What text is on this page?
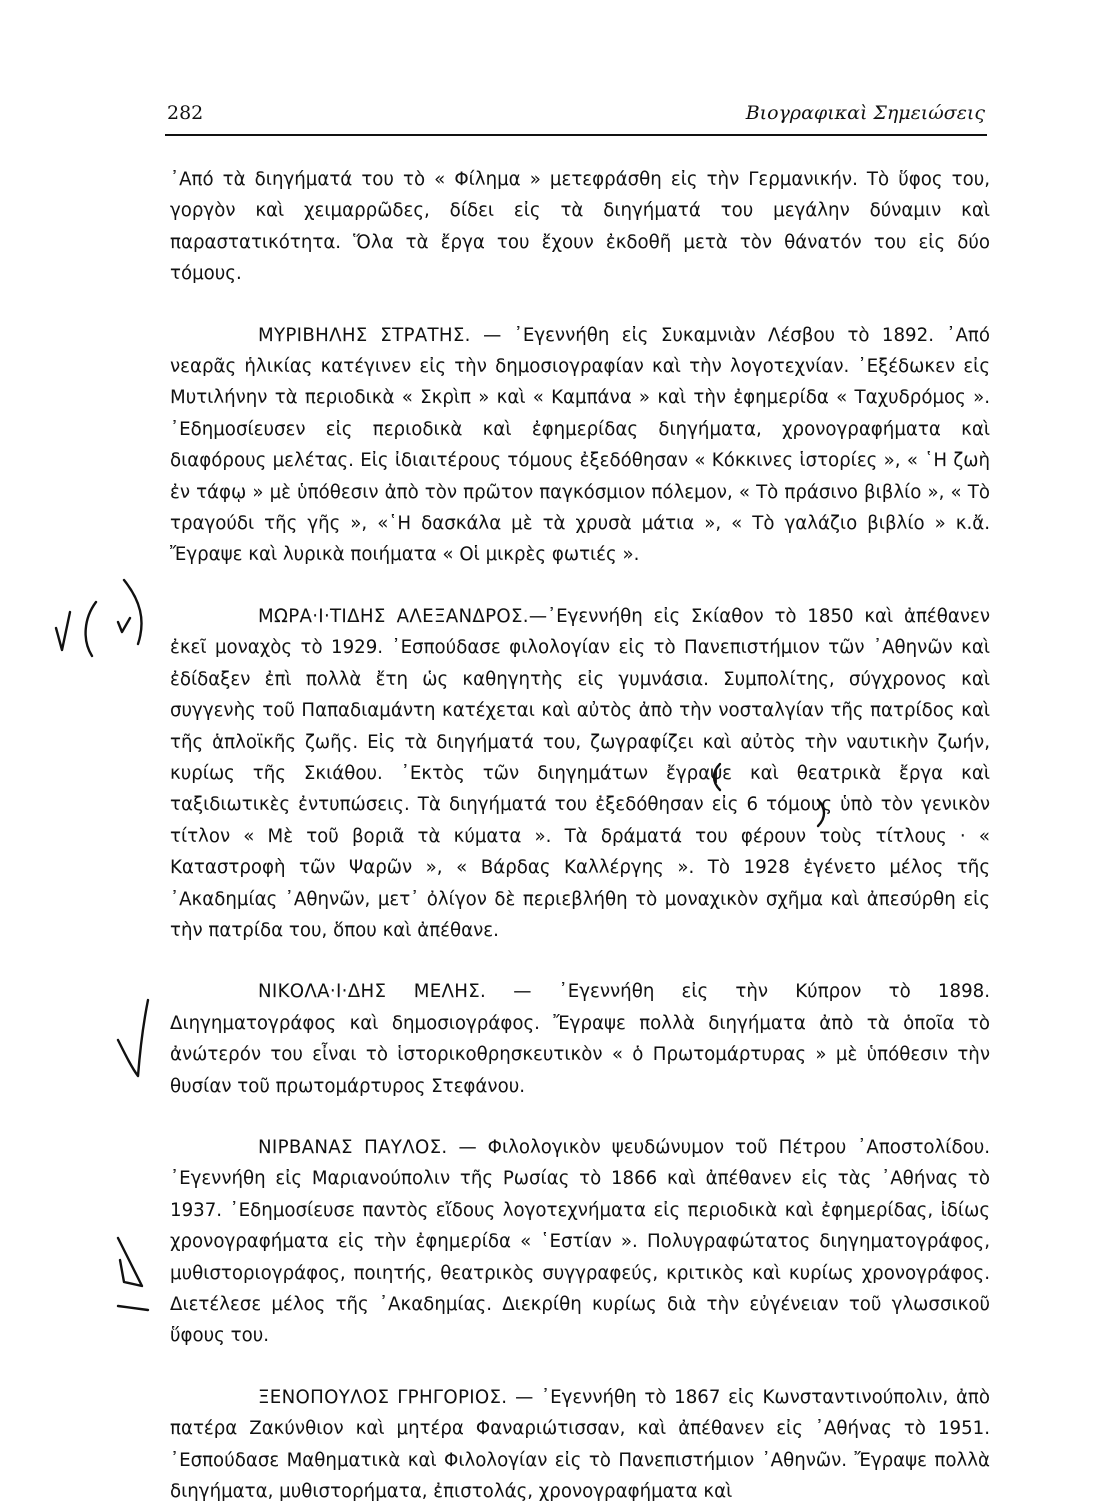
282	Βιογραφικαὶ Σημειώσεις

᾿Από τὰ διηγήματά του τὸ « Φίλημα » μετεφράσθη εἰς τὴν Γερμανικήν. Τὸ ὕφος του, γοργὸν καὶ χειμαρρῶδες, δίδει εἰς τὰ διηγήματά του μεγάλην δύναμιν καὶ παραστατικότητα. Ὅλα τὰ ἔργα του ἔχουν ἐκδοθῆ μετὰ τὸν θάνατόν του εἰς δύο τόμους.

ΜΥΡΙΒΗΛΗΣ ΣΤΡΑΤΗΣ. — ᾿Εγεννήθη εἰς Συκαμνιὰν Λέσβου τὸ 1892. ᾿Από νεαρᾶς ἡλικίας κατέγινεν εἰς τὴν δημοσιογραφίαν καὶ τὴν λογοτεχνίαν. ᾿Εξέδωκεν εἰς Μυτιλήνην τὰ περιοδικὰ « Σκρὶπ » καὶ « Καμπάνα » καὶ τὴν ἐφημερίδα « Ταχυδρόμος ». ᾿Εδημοσίευσεν εἰς περιοδικὰ καὶ ἐφημερίδας διηγήματα, χρονογραφήματα καὶ διαφόρους μελέτας. Εἰς ἰδιαιτέρους τόμους ἐξεδόθησαν « Κόκκινες ἱστορίες », « ῾Η ζωὴ ἐν τάφῳ » μὲ ὑπόθεσιν ἀπὸ τὸν πρῶτον παγκόσμιον πόλεμον, « Τὸ πράσινο βιβλίο », « Τὸ τραγούδι τῆς γῆς », «῾Η δασκάλα μὲ τὰ χρυσὰ μάτια », « Τὸ γαλάζιο βιβλίο » κ.ἄ. Ἔγραψε καὶ λυρικὰ ποιήματα « Οἱ μικρὲς φωτιές ».

ΜΩΡΑ·Ι·ΤΙΔΗΣ ΑΛΕΞΑΝΔΡΟΣ.—᾿Εγεννήθη εἰς Σκίαθον τὸ 1850 καὶ ἀπέθανεν ἐκεῖ μοναχὸς τὸ 1929. ᾿Εσπούδασε φιλολογίαν εἰς τὸ Πανεπιστήμιον τῶν ᾿Αθηνῶν καὶ ἐδίδαξεν ἐπὶ πολλὰ ἔτη ὡς καθηγητὴς εἰς γυμνάσια. Συμπολίτης, σύγχρονος καὶ συγγενὴς τοῦ Παπαδιαμάντη κατέχεται καὶ αὐτὸς ἀπὸ τὴν νοσταλγίαν τῆς πατρίδος καὶ τῆς ἁπλοϊκῆς ζωῆς. Εἰς τὰ διηγήματά του, ζωγραφίζει καὶ αὐτὸς τὴν ναυτικὴν ζωήν, κυρίως τῆς Σκιάθου. ᾿Εκτὸς τῶν διηγημάτων ἔγραψε καὶ θεατρικὰ ἔργα καὶ ταξιδιωτικὲς ἐντυπώσεις. Τὰ διηγήματά του ἐξεδόθησαν εἰς 6 τόμους ὑπὸ τὸν γενικὸν τίτλον « Μὲ τοῦ βοριᾶ τὰ κύματα ». Τὰ δράματά του φέρουν τοὺς τίτλους · « Καταστροφὴ τῶν Ψαρῶν », « Βάρδας Καλλέργης ». Τὸ 1928 ἐγένετο μέλος τῆς ᾿Ακαδημίας ᾿Αθηνῶν, μετ᾿ ὀλίγον δὲ περιεβλήθη τὸ μοναχικὸν σχῆμα καὶ ἀπεσύρθη εἰς τὴν πατρίδα του, ὅπου καὶ ἀπέθανε.

ΝΙΚΟΛΑ·Ι·ΔΗΣ ΜΕΛΗΣ. — ᾿Εγεννήθη εἰς τὴν Κύπρον τὸ 1898. Διηγηματογράφος καὶ δημοσιογράφος. Ἔγραψε πολλὰ διηγήματα ἀπὸ τὰ ὁποῖα τὸ ἀνώτερόν του εἶναι τὸ ἱστορικοθρησκευτικὸν « ὁ Πρωτομάρτυρας » μὲ ὑπόθεσιν τὴν θυσίαν τοῦ πρωτομάρτυρος Στεφάνου.

ΝΙΡΒΑΝΑΣ ΠΑΥΛΟΣ. — Φιλολογικὸν ψευδώνυμον τοῦ Πέτρου ᾿Αποστολίδου. ᾿Εγεννήθη εἰς Μαριανούπολιν τῆς Ρωσίας τὸ 1866 καὶ ἀπέθανεν εἰς τὰς ᾿Αθήνας τὸ 1937. ᾿Εδημοσίευσε παντὸς εἴδους λογοτεχνήματα εἰς περιοδικὰ καὶ ἐφημερίδας, ἰδίως χρονογραφήματα εἰς τὴν ἐφημερίδα « ῾Εστίαν ». Πολυγραφώτατος διηγηματογράφος, μυθιστοριογράφος, ποιητής, θεατρικὸς συγγραφεύς, κριτικὸς καὶ κυρίως χρονογράφος. Διετέλεσε μέλος τῆς ᾿Ακαδημίας. Διεκρίθη κυρίως διὰ τὴν εὐγένειαν τοῦ γλωσσικοῦ ὕφους του.

ΞΕΝΟΠΟΥΛΟΣ ΓΡΗΓΟΡΙΟΣ. — ᾿Εγεννήθη τὸ 1867 εἰς Κωνσταντινούπολιν, ἀπὸ πατέρα Ζακύνθιον καὶ μητέρα Φαναριώτισσαν, καὶ ἀπέθανεν εἰς ᾿Αθήνας τὸ 1951. ᾿Εσπούδασε Μαθηματικὰ καὶ Φιλολογίαν εἰς τὸ Πανεπιστήμιον ᾿Αθηνῶν. Ἔγραψε πολλὰ διηγήματα, μυθιστορήματα, ἐπιστολάς, χρονογραφήματα καὶ
